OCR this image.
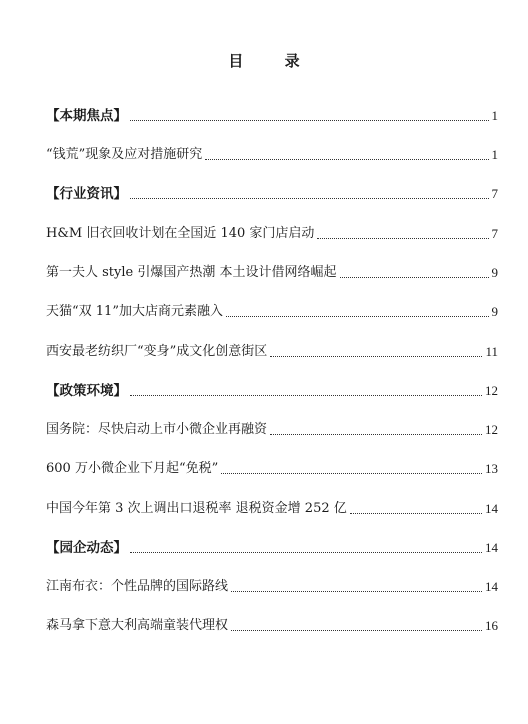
目 录
【本期焦点】	1
“钱荒”现象及应对措施研究	1
【行业资讯】	7
H&M 旧衣回收计划在全国近 140 家门店启动	7
第一夫人 style 引爆国产热潮 本土设计借网络崛起	9
天猫“双 11”加大店商元素融入	9
西安最老纺织厂“变身”成文化创意街区	11
【政策环境】	12
国务院：尽快启动上市小微企业再融资	12
600 万小微企业下月起“免税”	13
中国今年第 3 次上调出口退税率 退税资金增 252 亿	14
【园企动态】	14
江南布衣：个性品牌的国际路线	14
森马拿下意大利高端童装代理权	16
